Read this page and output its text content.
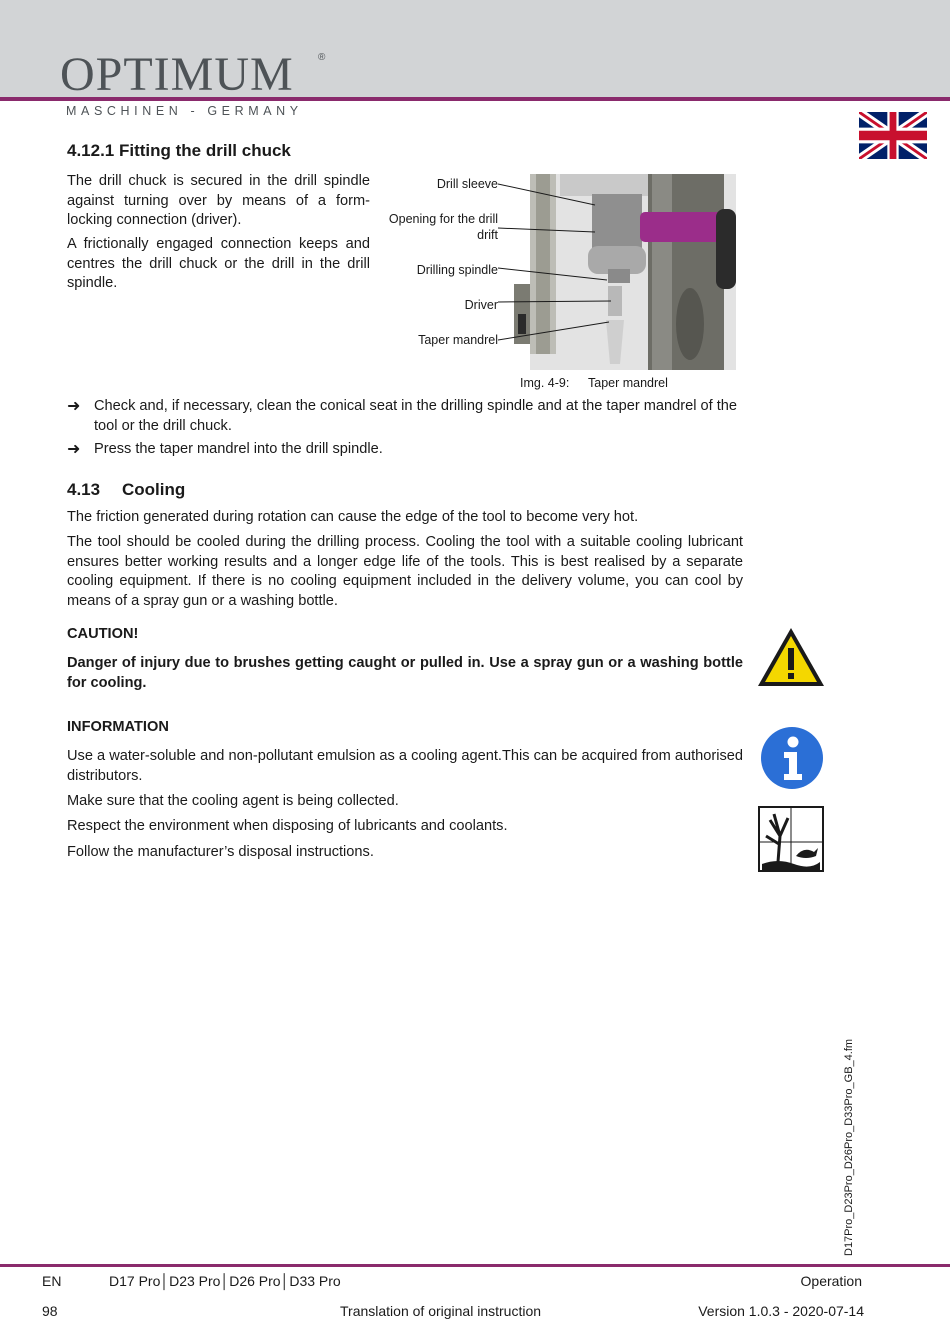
OPTIMUM ®
MASCHINEN - GERMANY
4.12.1 Fitting the drill chuck
The drill chuck is secured in the drill spindle against turning over by means of a form-locking connection (driver).
A frictionally engaged connection keeps and centres the drill chuck or the drill in the drill spindle.
Drill sleeve
Opening for the drill drift
Drilling spindle
Driver
Taper mandrel
Img. 4-9: Taper mandrel
➜ Check and, if necessary, clean the conical seat in the drilling spindle and at the taper mandrel of the tool or the drill chuck.
➜ Press the taper mandrel into the drill spindle.
4.13 Cooling
The friction generated during rotation can cause the edge of the tool to become very hot.
The tool should be cooled during the drilling process. Cooling the tool with a suitable cooling lubricant ensures better working results and a longer edge life of the tools. This is best realised by a separate cooling equipment. If there is no cooling equipment included in the delivery volume, you can cool by means of a spray gun or a washing bottle.
CAUTION!
Danger of injury due to brushes getting caught or pulled in. Use a spray gun or a washing bottle for cooling.
INFORMATION
Use a water-soluble and non-pollutant emulsion as a cooling agent.This can be acquired from authorised distributors.
Make sure that the cooling agent is being collected.
Respect the environment when disposing of lubricants and coolants.
Follow the manufacturer’s disposal instructions.
D17Pro_D23Pro_D26Pro_D33Pro_GB_4.fm
EN	D17 Pro│D23 Pro│D26 Pro│D33 Pro	Operation
98	Translation of original instruction	Version 1.0.3 - 2020-07-14
